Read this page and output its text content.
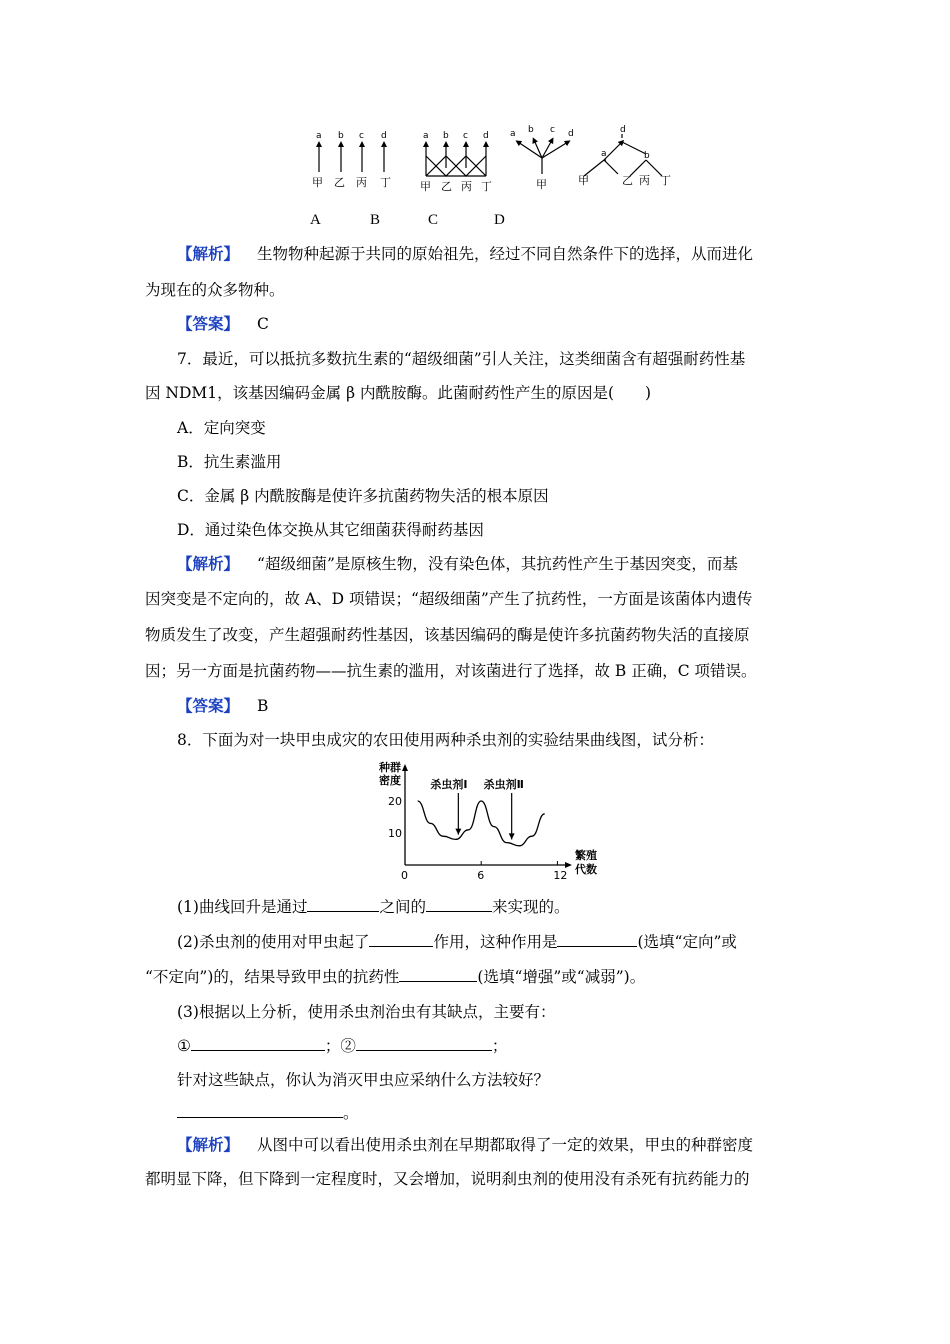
a b c d
甲 乙 丙 丁
a b c d
甲 乙 丙 丁
a b c d
甲
d
a	b
甲	乙 丙 丁
A	B	C	D
【解析】 生物物种起源于共同的原始祖先，经过不同自然条件下的选择，从而进化
为现在的众多物种。
【答案】 C
7．最近，可以抵抗多数抗生素的“超级细菌”引人关注，这类细菌含有超强耐药性基
因 NDM1，该基因编码金属 β 内酰胺酶。此菌耐药性产生的原因是(　　)
A．定向突变
B．抗生素滥用
C．金属 β 内酰胺酶是使许多抗菌药物失活的根本原因
D．通过染色体交换从其它细菌获得耐药基因
【解析】 “超级细菌”是原核生物，没有染色体，其抗药性产生于基因突变，而基
因突变是不定向的，故 A、D 项错误；“超级细菌”产生了抗药性，一方面是该菌体内遗传
物质发生了改变，产生超强耐药性基因，该基因编码的酶是使许多抗菌药物失活的直接原
因；另一方面是抗菌药物——抗生素的滥用，对该菌进行了选择，故 B 正确，C 项错误。
【答案】 B
8．下面为对一块甲虫成灾的农田使用两种杀虫剂的实验结果曲线图，试分析：
种群
密度
繁殖
代数
0	6	12
10
20
杀虫剂Ⅰ 杀虫剂Ⅱ
(1)曲线回升是通过	之间的	来实现的。
(2)杀虫剂的使用对甲虫起了	作用，这种作用是	(选填“定向”或
“不定向”)的，结果导致甲虫的抗药性	(选填“增强”或“减弱”)。
(3)根据以上分析，使用杀虫剂治虫有其缺点，主要有：
①	；②	；
针对这些缺点，你认为消灭甲虫应采纳什么方法较好？
。
【解析】 从图中可以看出使用杀虫剂在早期都取得了一定的效果，甲虫的种群密度
都明显下降，但下降到一定程度时，又会增加，说明刹虫剂的使用没有杀死有抗药能力的
